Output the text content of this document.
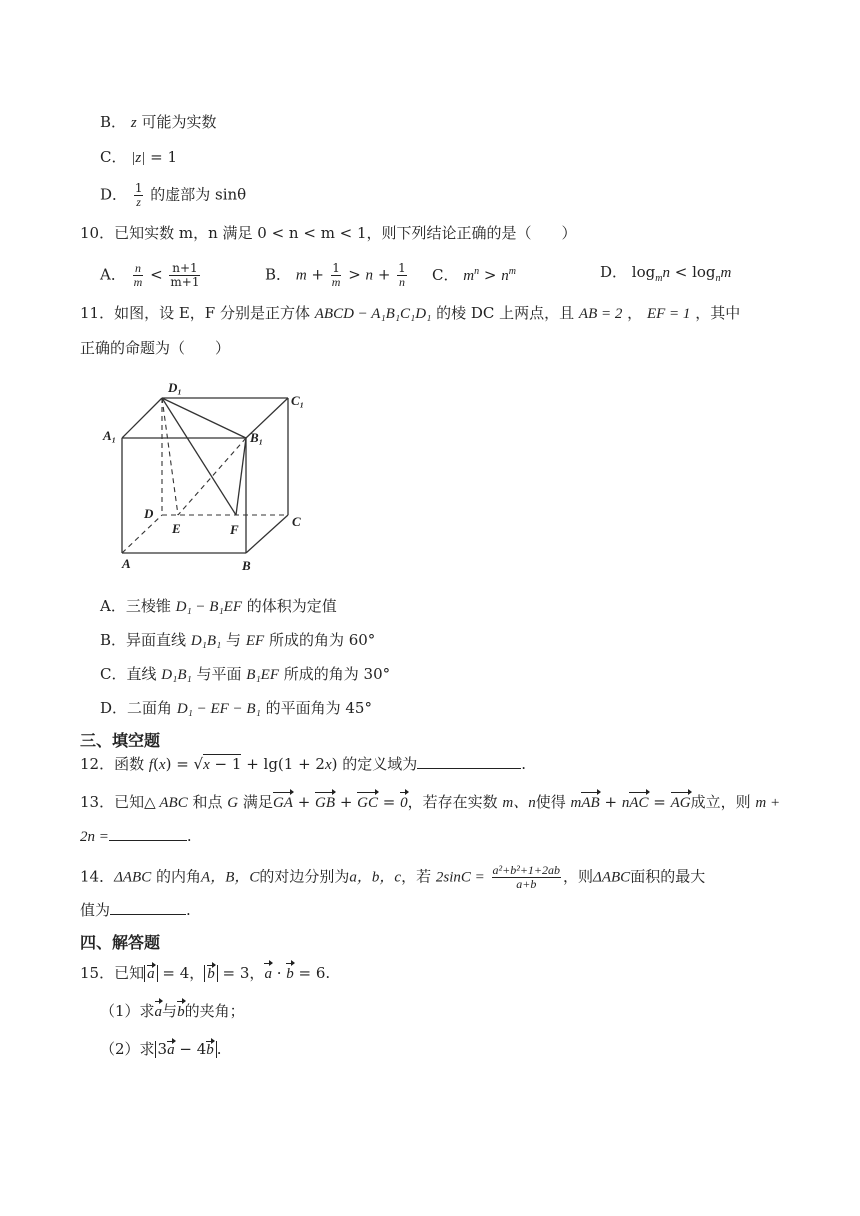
B． z 可能为实数
C． |z| = 1
D． $\frac{1}{z}$ 的虚部为 sinθ
10．已知实数 m，n 满足 0 < n < m < 1，则下列结论正确的是（　　）
A． $\frac{n}{m} < \frac{n+1}{m+1}$	B． $m + \frac{1}{m} > n + \frac{1}{n}$ C． $m^n > n^m$	D． $\log_mn < \log_nm$
11．如图，设 E，F 分别是正方体 ABCD − A₁B₁C₁D₁ 的棱 DC 上两点，且 AB = 2 ， EF = 1 ，其中
正确的命题为（　　）
D₁
C₁
A₁	B₁
D
E	F
C
A	B
A．三棱锥 D₁ − B₁EF 的体积为定值
B．异面直线 D₁B₁ 与 EF 所成的角为 60°
C．直线 D₁B₁ 与平面 B₁EF 所成的角为 30°
D．二面角 D₁ − EF − B₁ 的平面角为 45°
三、填空题
12．函数 f(x) = √x − 1 + lg(1 + 2x) 的定义域为	.
13．已知△ ABC 和点 G 满足GA + GB + GC = 0，若存在实数 m、n使得 mAB + nAC = AG成立，则 m +
2n =	.
14．ΔABC 的内角A，B，C的对边分别为a，b，c，若 $2\sin C = \frac{\text{a²+b²+1+2ab}}{a+b}$ ，则ΔABC面积的最大
值为	.
四、解答题
15．已知 a = 4， b = 3，a · b = 6.
（1）求a与b的夹角；
（2）求 3a − 4b .
